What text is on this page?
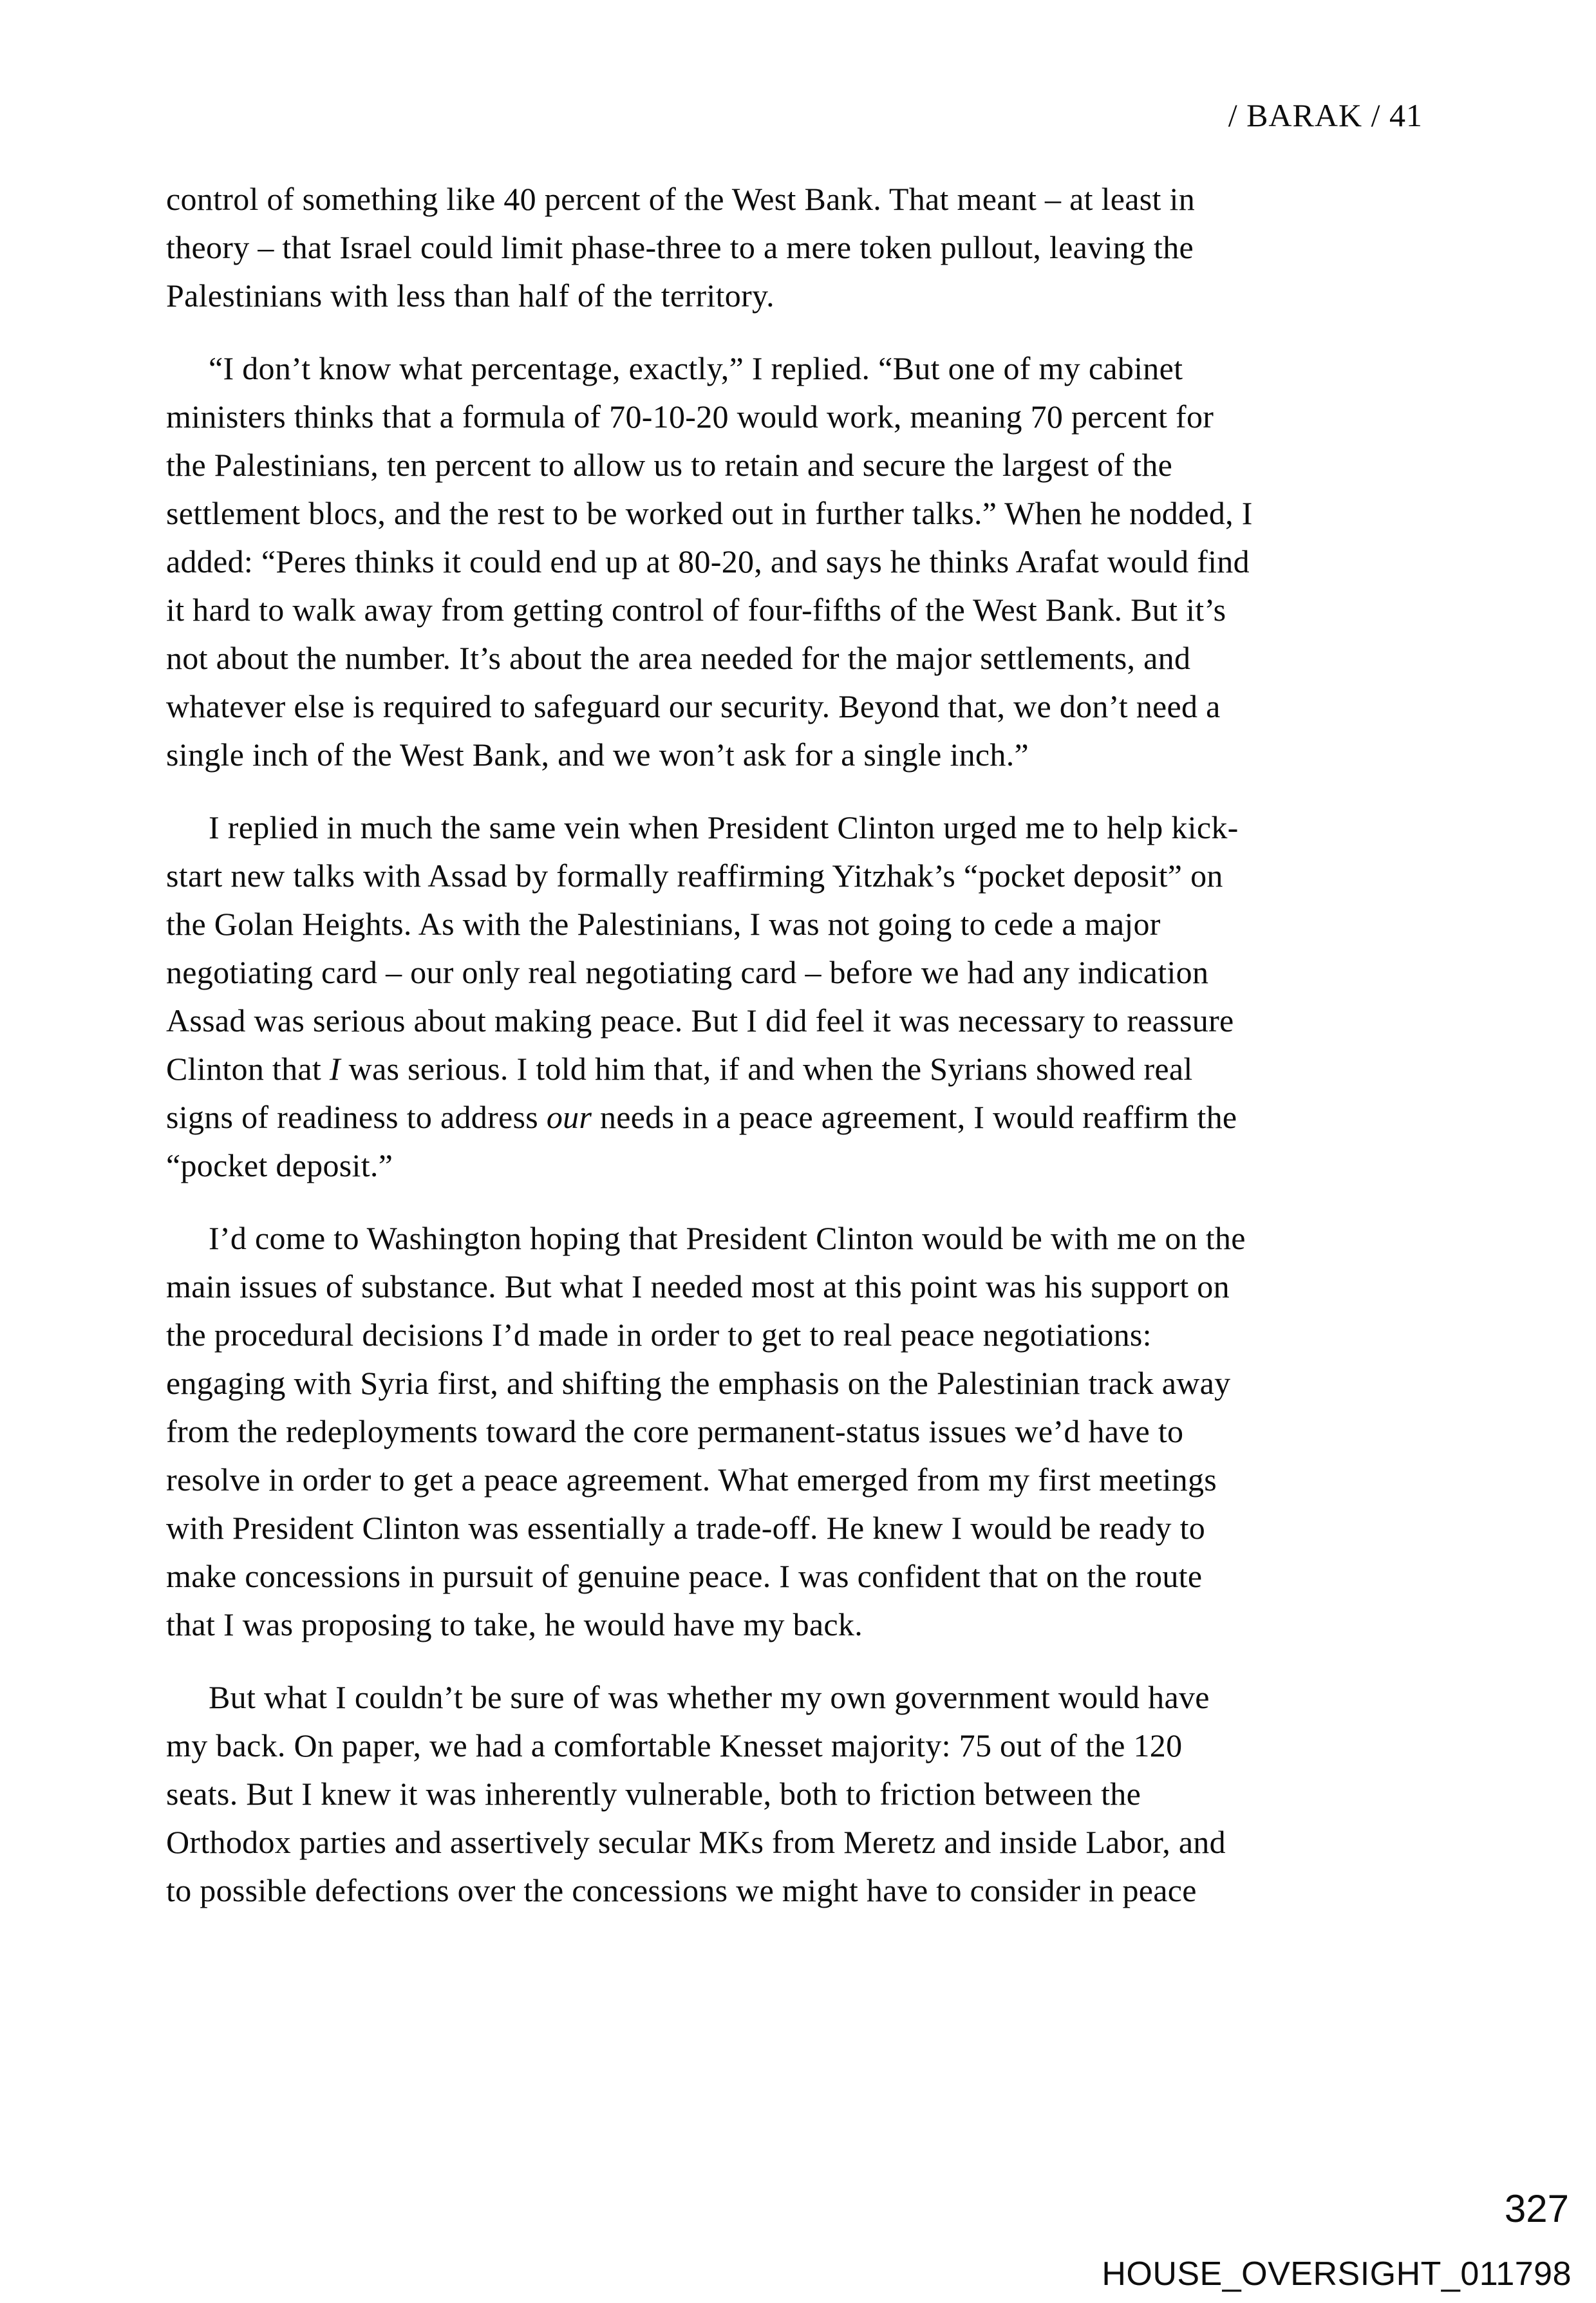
/ BARAK / 41
control of something like 40 percent of the West Bank. That meant – at least in
theory – that Israel could limit phase-three to a mere token pullout, leaving the
Palestinians with less than half of the territory.
“I don’t know what percentage, exactly,” I replied. “But one of my cabinet
ministers thinks that a formula of 70-10-20 would work, meaning 70 percent for
the Palestinians, ten percent to allow us to retain and secure the largest of the
settlement blocs, and the rest to be worked out in further talks.” When he nodded, I
added: “Peres thinks it could end up at 80-20, and says he thinks Arafat would find
it hard to walk away from getting control of four-fifths of the West Bank. But it’s
not about the number. It’s about the area needed for the major settlements, and
whatever else is required to safeguard our security. Beyond that, we don’t need a
single inch of the West Bank, and we won’t ask for a single inch.”
I replied in much the same vein when President Clinton urged me to help kick-
start new talks with Assad by formally reaffirming Yitzhak’s “pocket deposit” on
the Golan Heights. As with the Palestinians, I was not going to cede a major
negotiating card – our only real negotiating card – before we had any indication
Assad was serious about making peace. But I did feel it was necessary to reassure
Clinton that I was serious. I told him that, if and when the Syrians showed real
signs of readiness to address our needs in a peace agreement, I would reaffirm the
“pocket deposit.”
I’d come to Washington hoping that President Clinton would be with me on the
main issues of substance. But what I needed most at this point was his support on
the procedural decisions I’d made in order to get to real peace negotiations:
engaging with Syria first, and shifting the emphasis on the Palestinian track away
from the redeployments toward the core permanent-status issues we’d have to
resolve in order to get a peace agreement. What emerged from my first meetings
with President Clinton was essentially a trade-off. He knew I would be ready to
make concessions in pursuit of genuine peace. I was confident that on the route
that I was proposing to take, he would have my back.
But what I couldn’t be sure of was whether my own government would have
my back. On paper, we had a comfortable Knesset majority: 75 out of the 120
seats. But I knew it was inherently vulnerable, both to friction between the
Orthodox parties and assertively secular MKs from Meretz and inside Labor, and
to possible defections over the concessions we might have to consider in peace
327
HOUSE_OVERSIGHT_011798
